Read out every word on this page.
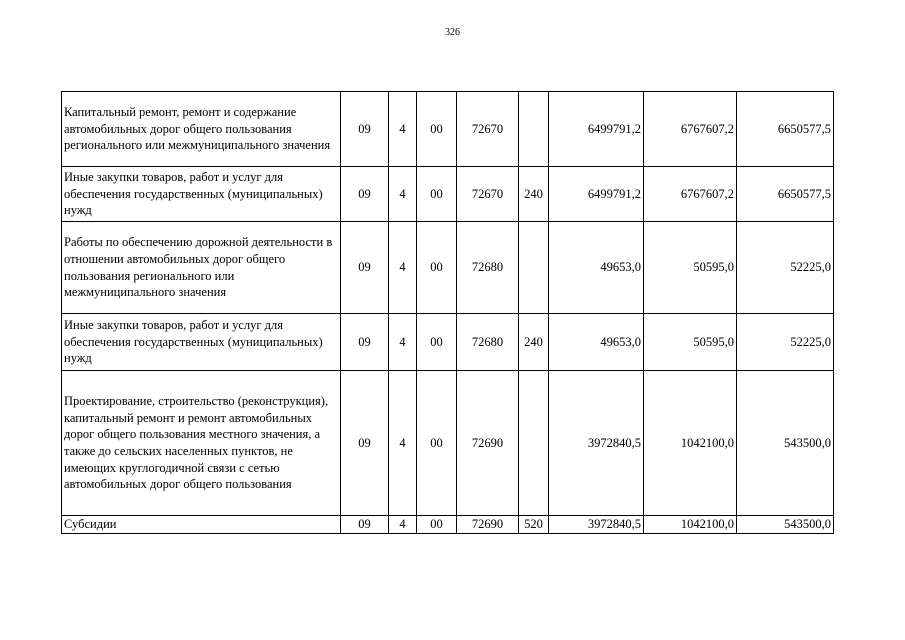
326
Капитальный ремонт, ремонт и содержание автомобильных дорог общего пользования регионального или межмуниципального значения	09	4	00	72670		6499791,2	6767607,2	6650577,5
Иные закупки товаров, работ и услуг для обеспечения государственных (муниципальных) нужд	09	4	00	72670	240	6499791,2	6767607,2	6650577,5
Работы по обеспечению дорожной деятельности в отношении автомобильных дорог общего пользования регионального или межмуниципального значения	09	4	00	72680		49653,0	50595,0	52225,0
Иные закупки товаров, работ и услуг для обеспечения государственных (муниципальных) нужд	09	4	00	72680	240	49653,0	50595,0	52225,0
Проектирование, строительство (реконструкция), капитальный ремонт и ремонт автомобильных дорог общего пользования местного значения, а также до сельских населенных пунктов, не имеющих круглогодичной связи с сетью автомобильных дорог общего пользования	09	4	00	72690		3972840,5	1042100,0	543500,0
Субсидии	09	4	00	72690	520	3972840,5	1042100,0	543500,0
